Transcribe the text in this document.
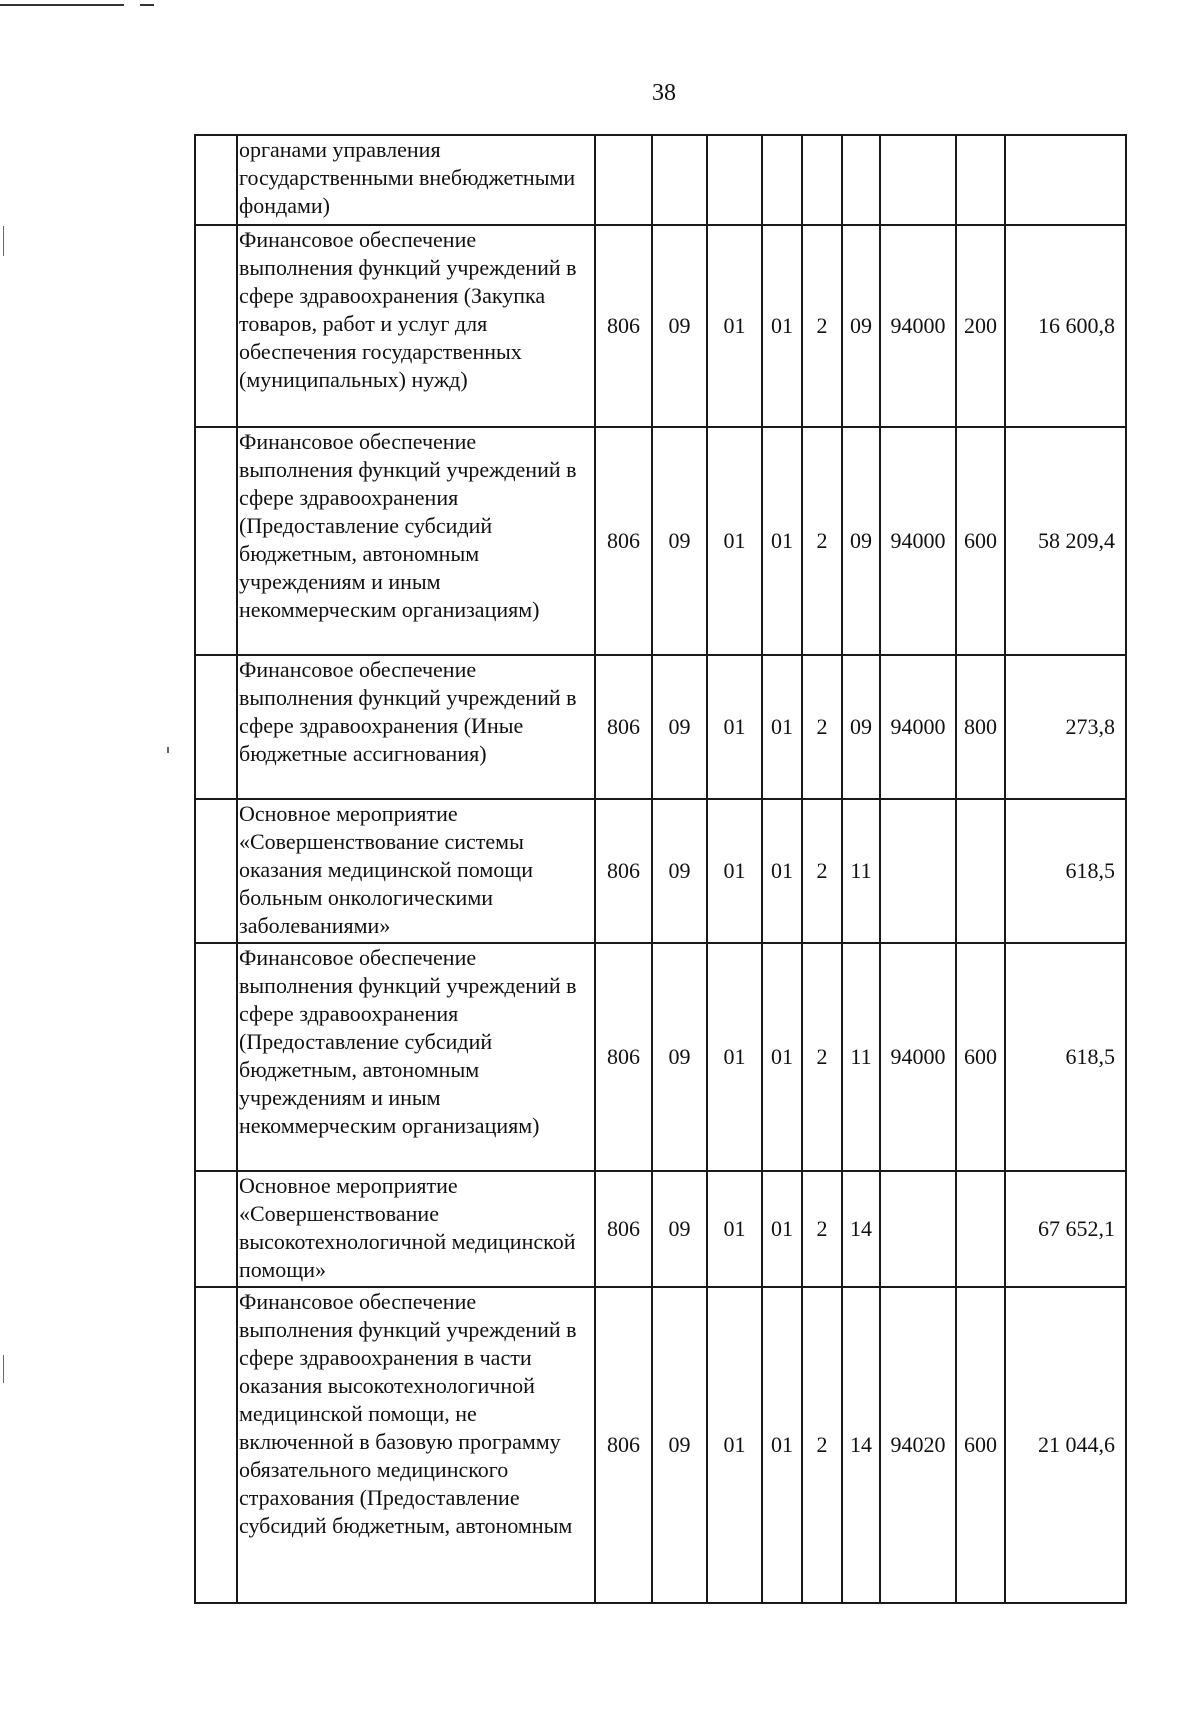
38
	органами управления государственными внебюджетными фондами)									
	Финансовое обеспечение выполнения функций учреждений в сфере здравоохранения (Закупка товаров, работ и услуг для обеспечения государственных (муниципальных) нужд)	806	09	01	01	2	09	94000	200	16 600,8
	Финансовое обеспечение выполнения функций учреждений в сфере здравоохранения (Предоставление субсидий бюджетным, автономным учреждениям и иным некоммерческим организациям)	806	09	01	01	2	09	94000	600	58 209,4
	Финансовое обеспечение выполнения функций учреждений в сфере здравоохранения (Иные бюджетные ассигнования)	806	09	01	01	2	09	94000	800	273,8
	Основное мероприятие «Совершенствование системы оказания медицинской помощи больным онкологическими заболеваниями»	806	09	01	01	2	11			618,5
	Финансовое обеспечение выполнения функций учреждений в сфере здравоохранения (Предоставление субсидий бюджетным, автономным учреждениям и иным некоммерческим организациям)	806	09	01	01	2	11	94000	600	618,5
	Основное мероприятие «Совершенствование высокотехнологичной медицинской помощи»	806	09	01	01	2	14			67 652,1
	Финансовое обеспечение выполнения функций учреждений в сфере здравоохранения в части оказания высокотехнологичной медицинской помощи, не включенной в базовую программу обязательного медицинского страхования (Предоставление субсидий бюджетным, автономным	806	09	01	01	2	14	94020	600	21 044,6
